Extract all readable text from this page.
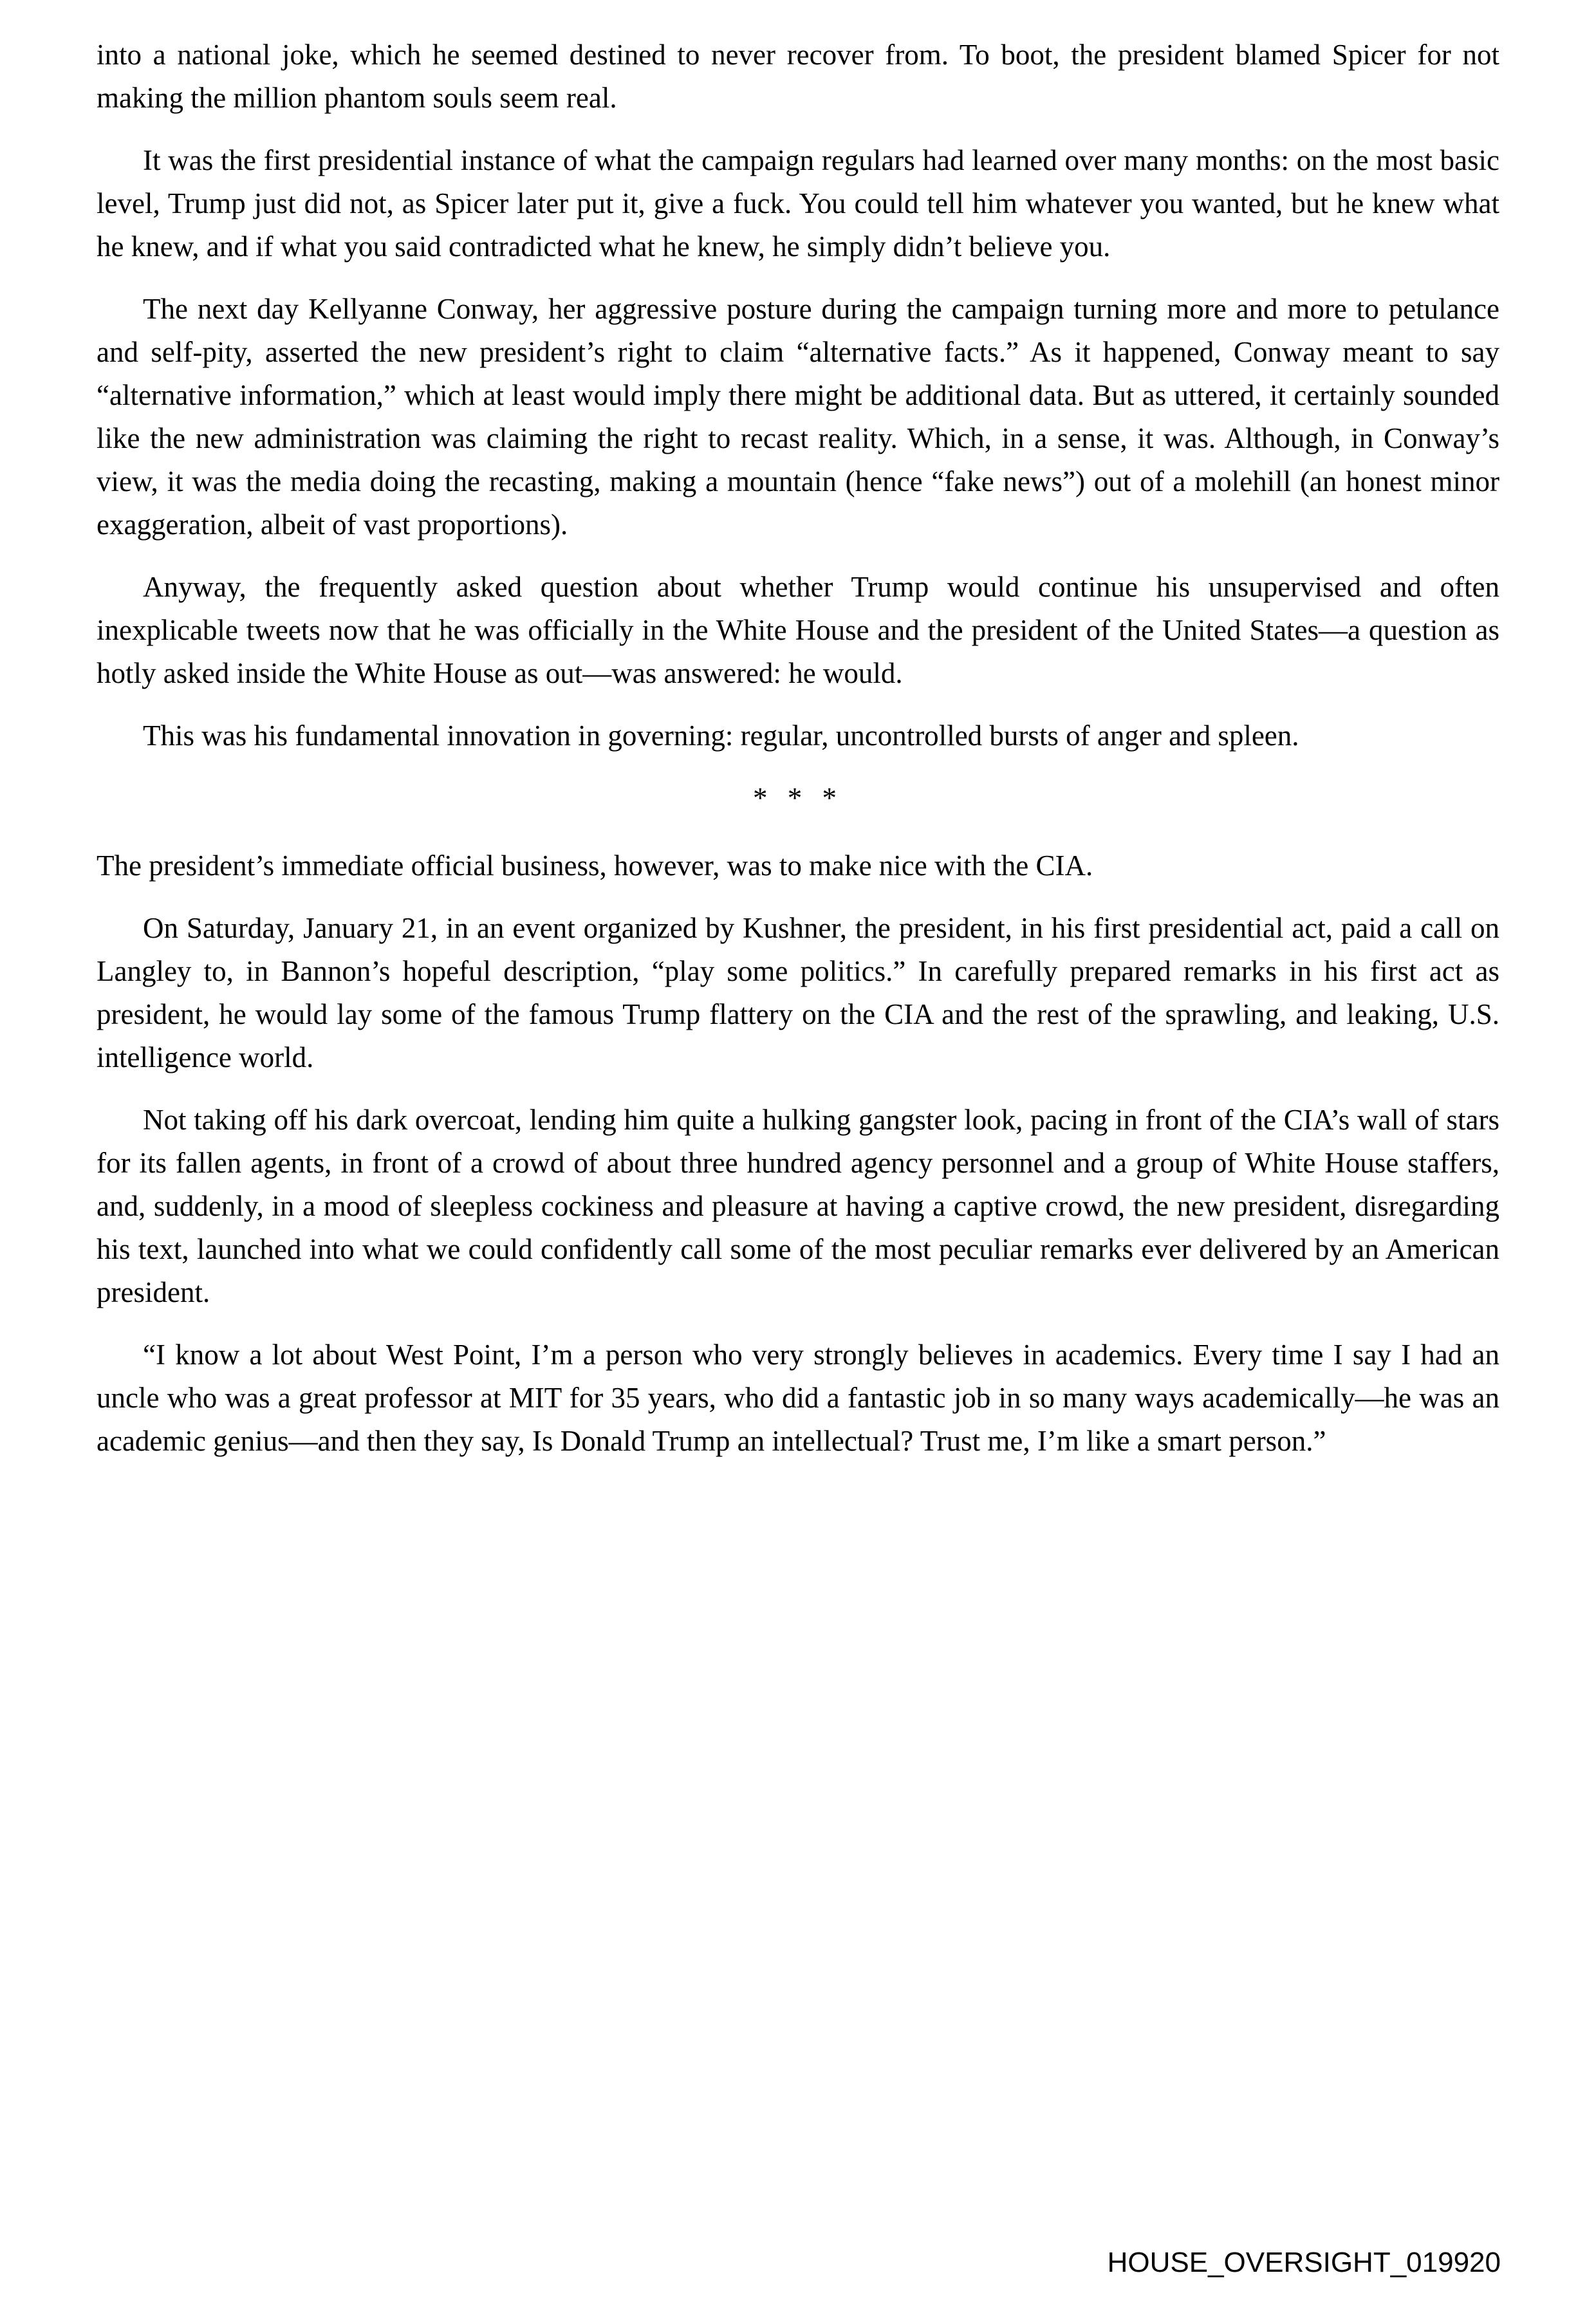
into a national joke, which he seemed destined to never recover from. To boot, the president blamed Spicer for not making the million phantom souls seem real.

It was the first presidential instance of what the campaign regulars had learned over many months: on the most basic level, Trump just did not, as Spicer later put it, give a fuck. You could tell him whatever you wanted, but he knew what he knew, and if what you said contradicted what he knew, he simply didn’t believe you.

The next day Kellyanne Conway, her aggressive posture during the campaign turning more and more to petulance and self-pity, asserted the new president’s right to claim “alternative facts.” As it happened, Conway meant to say “alternative information,” which at least would imply there might be additional data. But as uttered, it certainly sounded like the new administration was claiming the right to recast reality. Which, in a sense, it was. Although, in Conway’s view, it was the media doing the recasting, making a mountain (hence “fake news”) out of a molehill (an honest minor exaggeration, albeit of vast proportions).

Anyway, the frequently asked question about whether Trump would continue his unsupervised and often inexplicable tweets now that he was officially in the White House and the president of the United States—a question as hotly asked inside the White House as out—was answered: he would.

This was his fundamental innovation in governing: regular, uncontrolled bursts of anger and spleen.

* * *

The president’s immediate official business, however, was to make nice with the CIA.

On Saturday, January 21, in an event organized by Kushner, the president, in his first presidential act, paid a call on Langley to, in Bannon’s hopeful description, “play some politics.” In carefully prepared remarks in his first act as president, he would lay some of the famous Trump flattery on the CIA and the rest of the sprawling, and leaking, U.S. intelligence world.

Not taking off his dark overcoat, lending him quite a hulking gangster look, pacing in front of the CIA’s wall of stars for its fallen agents, in front of a crowd of about three hundred agency personnel and a group of White House staffers, and, suddenly, in a mood of sleepless cockiness and pleasure at having a captive crowd, the new president, disregarding his text, launched into what we could confidently call some of the most peculiar remarks ever delivered by an American president.

“I know a lot about West Point, I’m a person who very strongly believes in academics. Every time I say I had an uncle who was a great professor at MIT for 35 years, who did a fantastic job in so many ways academically—he was an academic genius—and then they say, Is Donald Trump an intellectual? Trust me, I’m like a smart person.”

HOUSE_OVERSIGHT_019920
